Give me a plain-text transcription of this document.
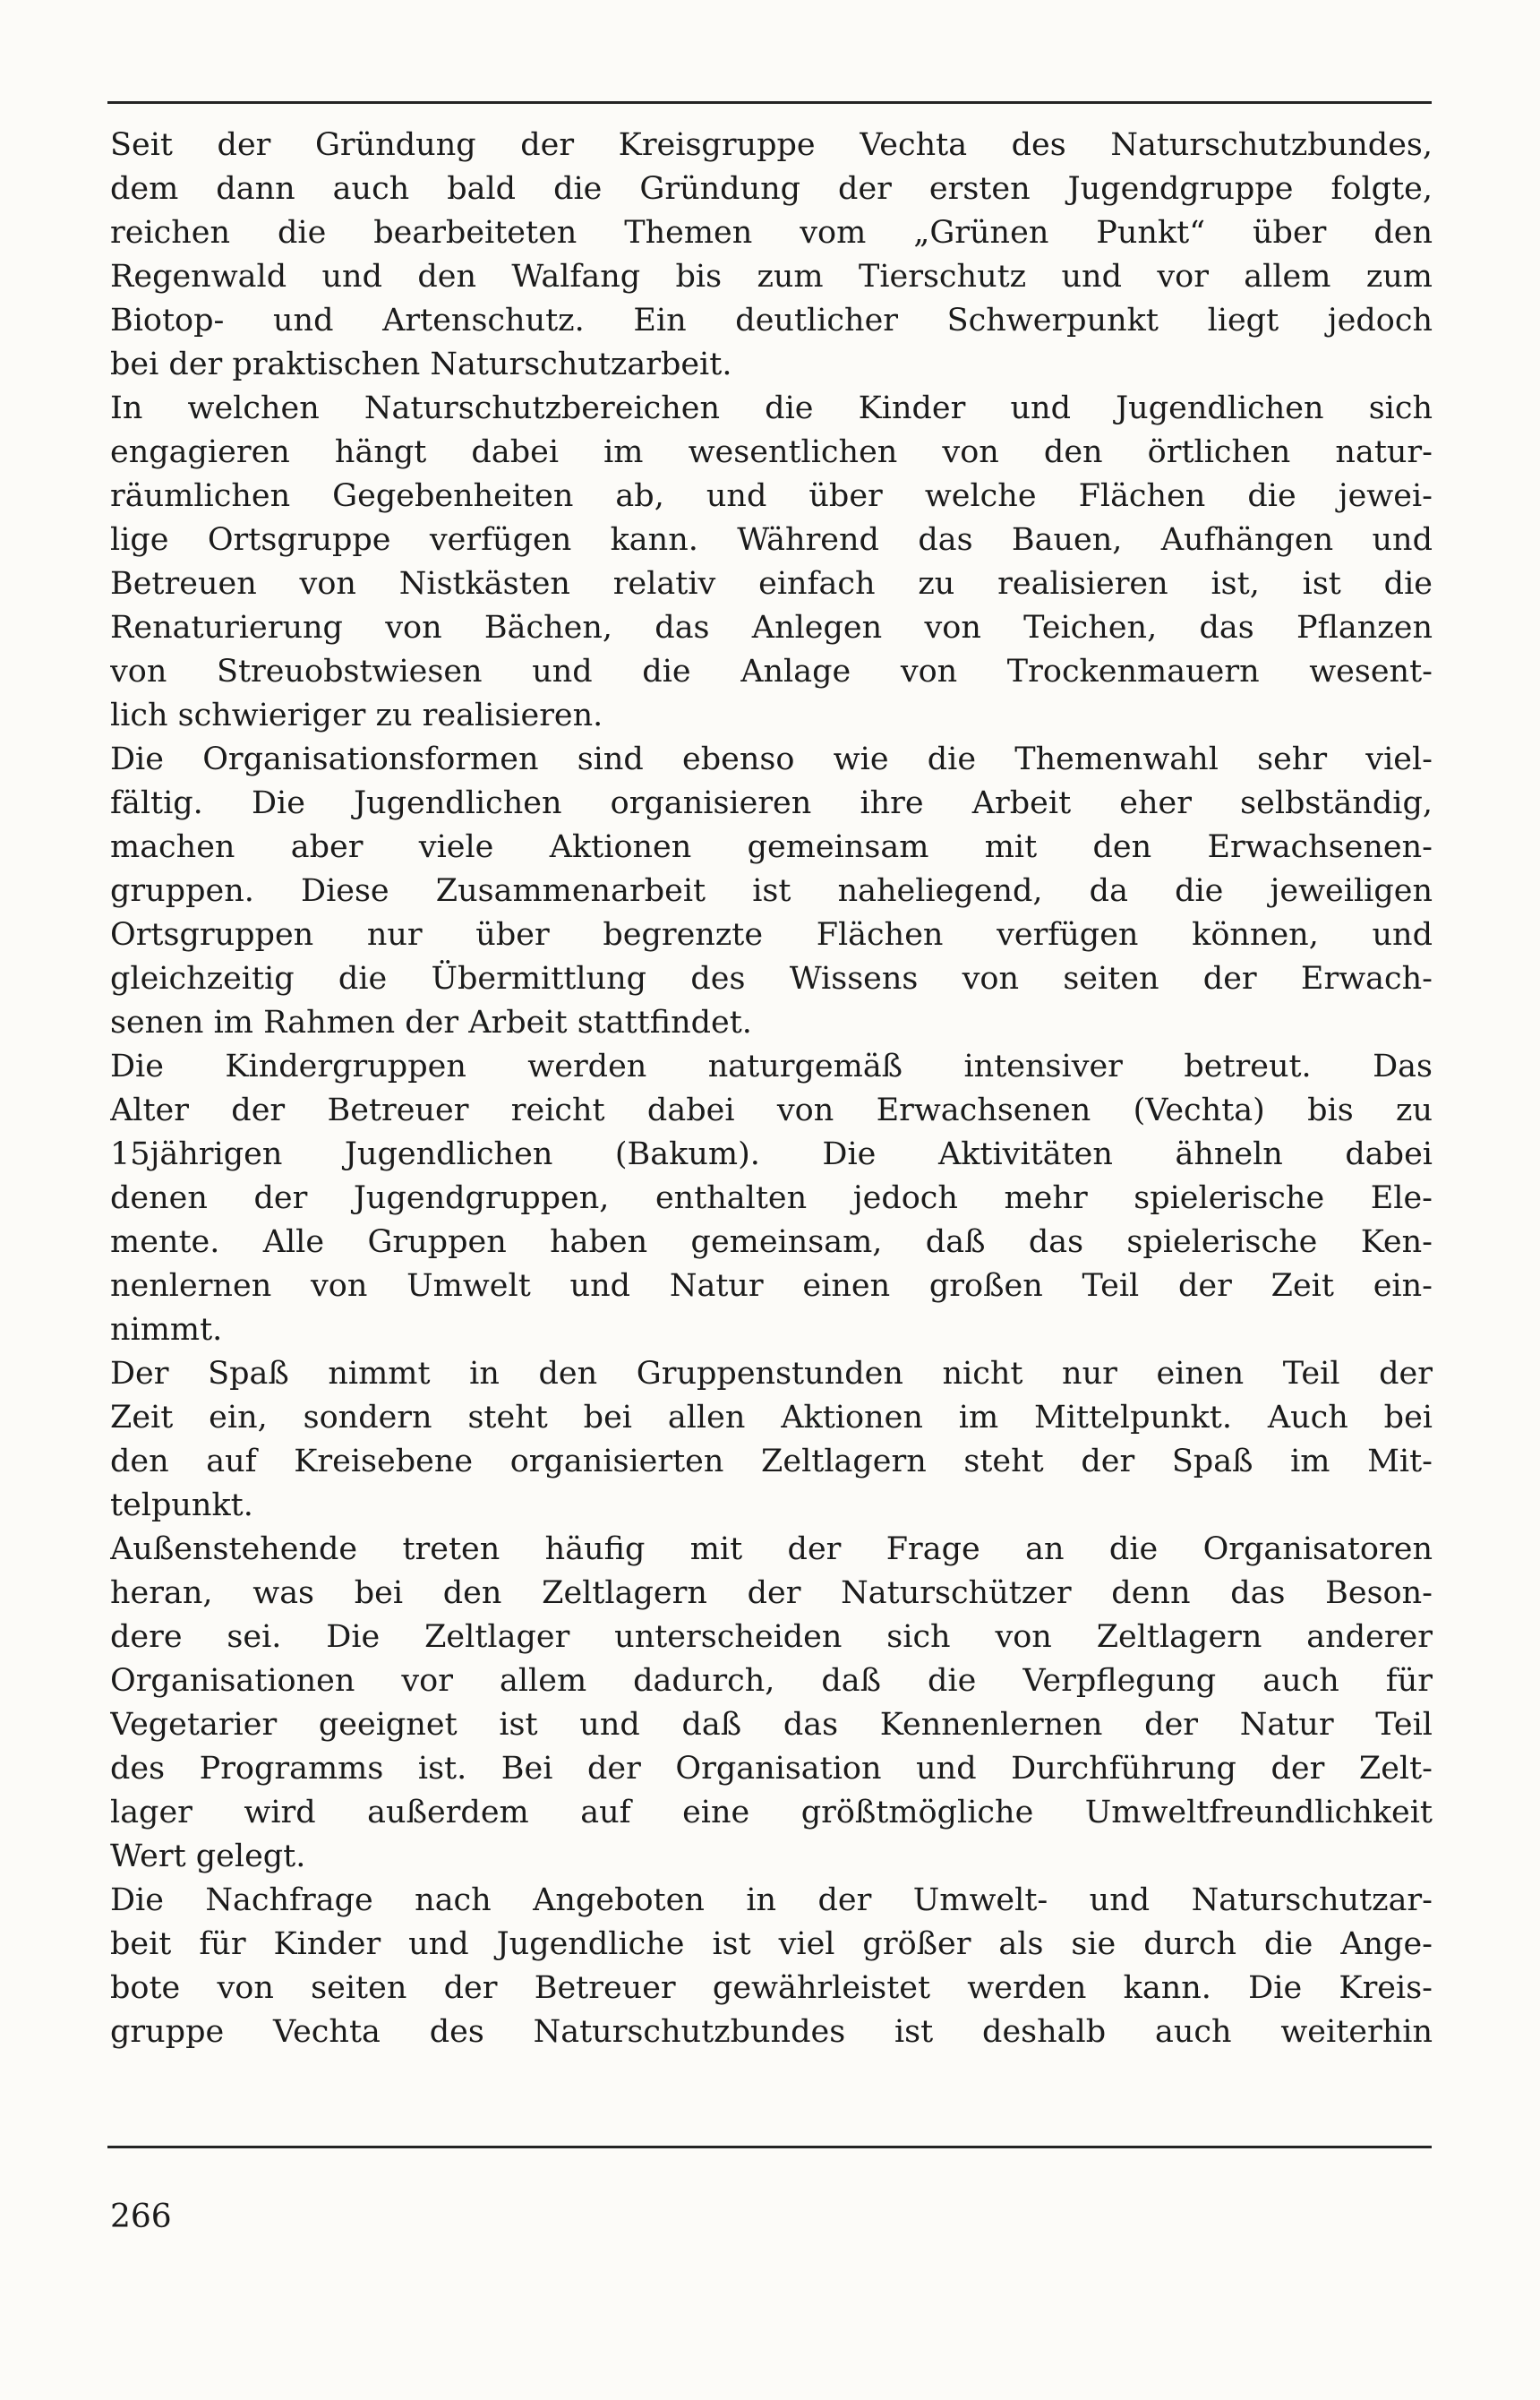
Seit der Gründung der Kreisgruppe Vechta des Naturschutzbundes,
dem dann auch bald die Gründung der ersten Jugendgruppe folgte,
reichen die bearbeiteten Themen vom „Grünen Punkt“ über den
Regenwald und den Walfang bis zum Tierschutz und vor allem zum
Biotop- und Artenschutz. Ein deutlicher Schwerpunkt liegt jedoch
bei der praktischen Naturschutzarbeit.
In welchen Naturschutzbereichen die Kinder und Jugendlichen sich
engagieren hängt dabei im wesentlichen von den örtlichen natur-
räumlichen Gegebenheiten ab, und über welche Flächen die jewei-
lige Ortsgruppe verfügen kann. Während das Bauen, Aufhängen und
Betreuen von Nistkästen relativ einfach zu realisieren ist, ist die
Renaturierung von Bächen, das Anlegen von Teichen, das Pflanzen
von Streuobstwiesen und die Anlage von Trockenmauern wesent-
lich schwieriger zu realisieren.
Die Organisationsformen sind ebenso wie die Themenwahl sehr viel-
fältig. Die Jugendlichen organisieren ihre Arbeit eher selbständig,
machen aber viele Aktionen gemeinsam mit den Erwachsenen-
gruppen. Diese Zusammenarbeit ist naheliegend, da die jeweiligen
Ortsgruppen nur über begrenzte Flächen verfügen können, und
gleichzeitig die Übermittlung des Wissens von seiten der Erwach-
senen im Rahmen der Arbeit stattfindet.
Die Kindergruppen werden naturgemäß intensiver betreut. Das
Alter der Betreuer reicht dabei von Erwachsenen (Vechta) bis zu
15jährigen Jugendlichen (Bakum). Die Aktivitäten ähneln dabei
denen der Jugendgruppen, enthalten jedoch mehr spielerische Ele-
mente. Alle Gruppen haben gemeinsam, daß das spielerische Ken-
nenlernen von Umwelt und Natur einen großen Teil der Zeit ein-
nimmt.
Der Spaß nimmt in den Gruppenstunden nicht nur einen Teil der
Zeit ein, sondern steht bei allen Aktionen im Mittelpunkt. Auch bei
den auf Kreisebene organisierten Zeltlagern steht der Spaß im Mit-
telpunkt.
Außenstehende treten häufig mit der Frage an die Organisatoren
heran, was bei den Zeltlagern der Naturschützer denn das Beson-
dere sei. Die Zeltlager unterscheiden sich von Zeltlagern anderer
Organisationen vor allem dadurch, daß die Verpflegung auch für
Vegetarier geeignet ist und daß das Kennenlernen der Natur Teil
des Programms ist. Bei der Organisation und Durchführung der Zelt-
lager wird außerdem auf eine größtmögliche Umweltfreundlichkeit
Wert gelegt.
Die Nachfrage nach Angeboten in der Umwelt- und Naturschutzar-
beit für Kinder und Jugendliche ist viel größer als sie durch die Ange-
bote von seiten der Betreuer gewährleistet werden kann. Die Kreis-
gruppe Vechta des Naturschutzbundes ist deshalb auch weiterhin
266
